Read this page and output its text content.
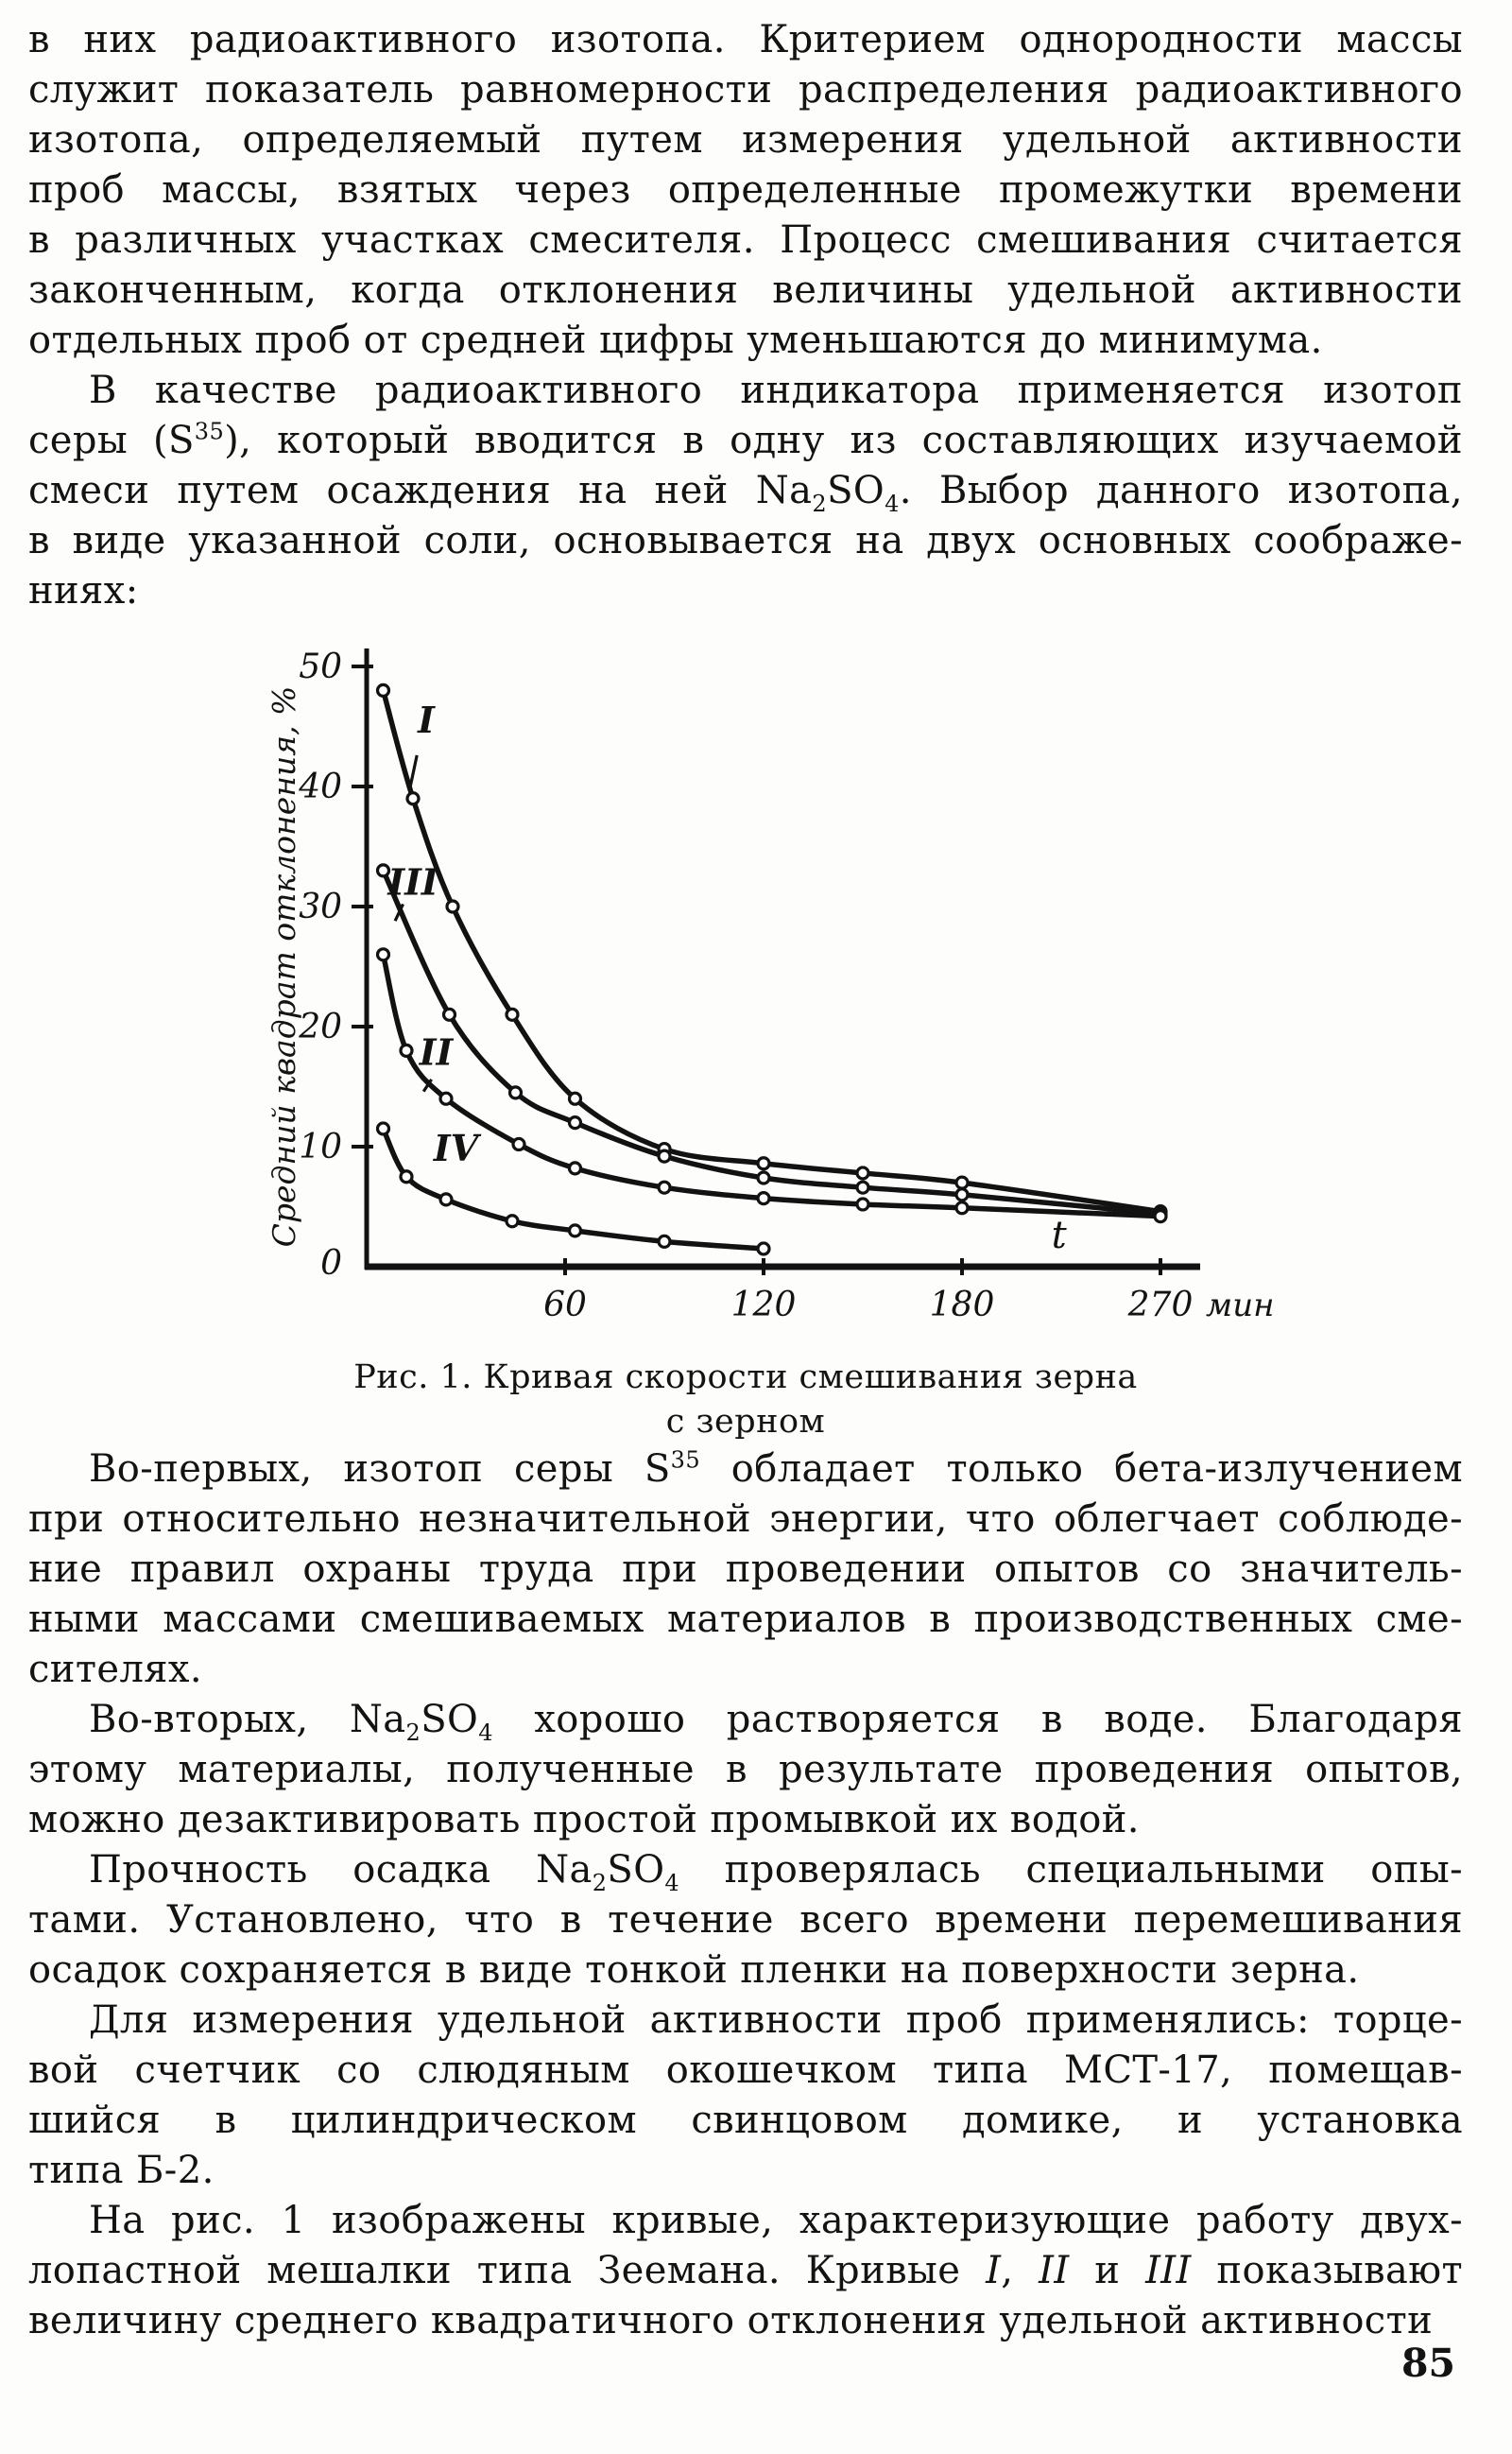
в них радиоактивного изотопа. Критерием однородности массы
служит показатель равномерности распределения радиоактивного
изотопа, определяемый путем измерения удельной активности
проб массы, взятых через определенные промежутки времени
в различных участках смесителя. Процесс смешивания считается
законченным, когда отклонения величины удельной активности
отдельных проб от средней цифры уменьшаются до минимума.
В качестве радиоактивного индикатора применяется изотоп
серы $(S^{35})$, который вводится в одну из составляющих изучаемой
смеси путем осаждения на ней $Na_2SO_4$. Выбор данного изотопа,
в виде указанной соли, основывается на двух основных соображе-
ниях:
0
10
20
30
40
50
60	120	180	270 мин
t
Средний квадрат отклонения, %	I
III
II
IV
Рис. 1. Кривая скорости смешивания зерна
с зерном
Во-первых, изотоп серы $S^{35}$ обладает только бета-излучением
при относительно незначительной энергии, что облегчает соблюде-
ние правил охраны труда при проведении опытов со значитель-
ными массами смешиваемых материалов в производственных сме-
сителях.
Во-вторых, $Na_2SO_4$ хорошо растворяется в воде. Благодаря
этому материалы, полученные в результате проведения опытов,
можно дезактивировать простой промывкой их водой.
Прочность осадка $Na_2SO_4$ проверялась специальными опы-
тами. Установлено, что в течение всего времени перемешивания
осадок сохраняется в виде тонкой пленки на поверхности зерна.
Для измерения удельной активности проб применялись: торце-
вой счетчик со слюдяным окошечком типа МСТ-17, помещав-
шийся в цилиндрическом свинцовом домике, и установка
типа Б-2.
На рис. 1 изображены кривые, характеризующие работу двух-
лопастной мешалки типа Зеемана. Кривые I, II и III показывают
величину среднего квадратичного отклонения удельной активности
85
